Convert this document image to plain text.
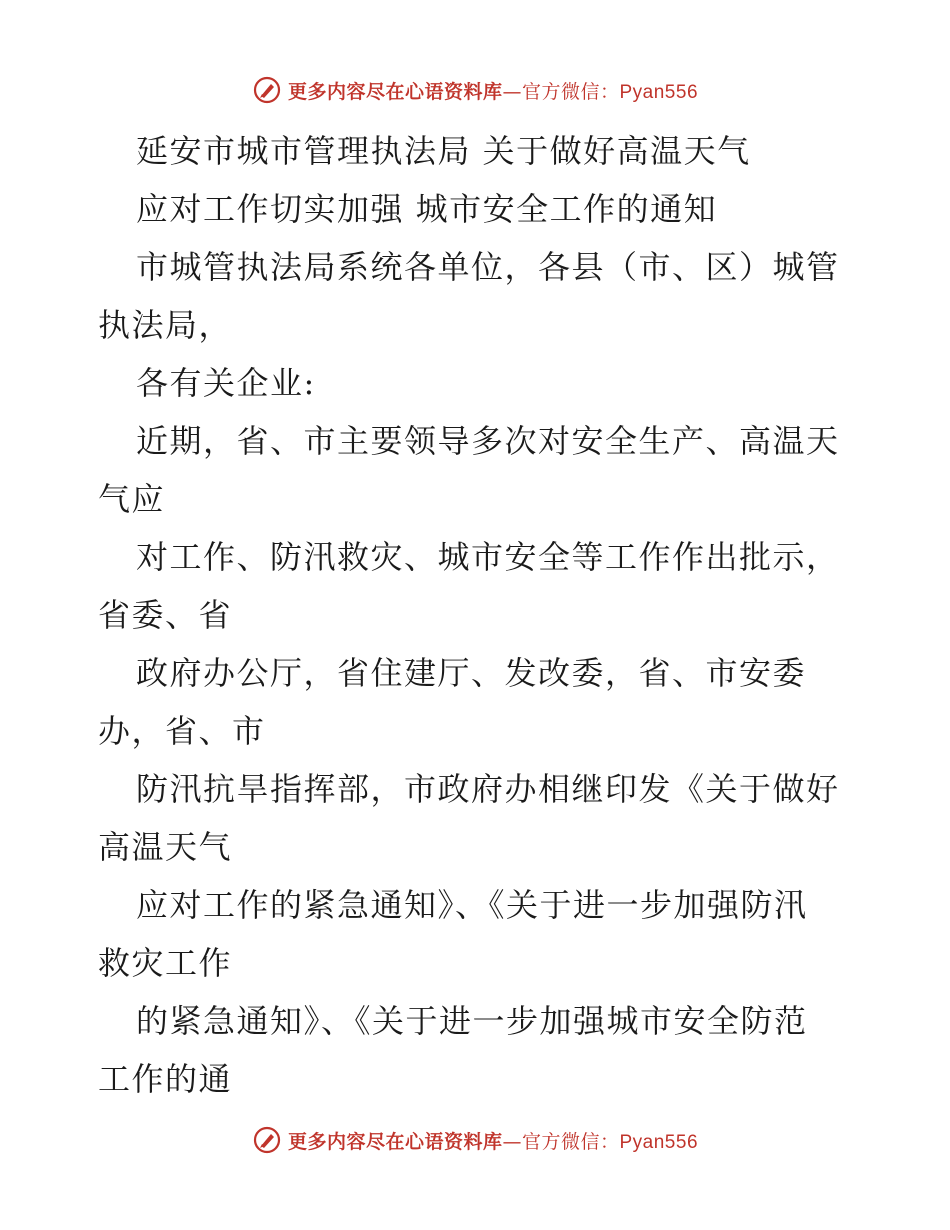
更多内容尽在心语资料库—官方微信：Pyan556
延安市城市管理执法局 关于做好高温天气
应对工作切实加强 城市安全工作的通知
市城管执法局系统各单位，各县（市、区）城管
执法局，
各有关企业:
近期，省、市主要领导多次对安全生产、高温天
气应
对工作、防汛救灾、城市安全等工作作出批示，
省委、省
政府办公厅，省住建厅、发改委，省、市安委
办，省、市
防汛抗旱指挥部，市政府办相继印发《关于做好
高温天气
应对工作的紧急通知》、《关于进一步加强防汛
救灾工作
的紧急通知》、《关于进一步加强城市安全防范
工作的通
更多内容尽在心语资料库—官方微信：Pyan556
